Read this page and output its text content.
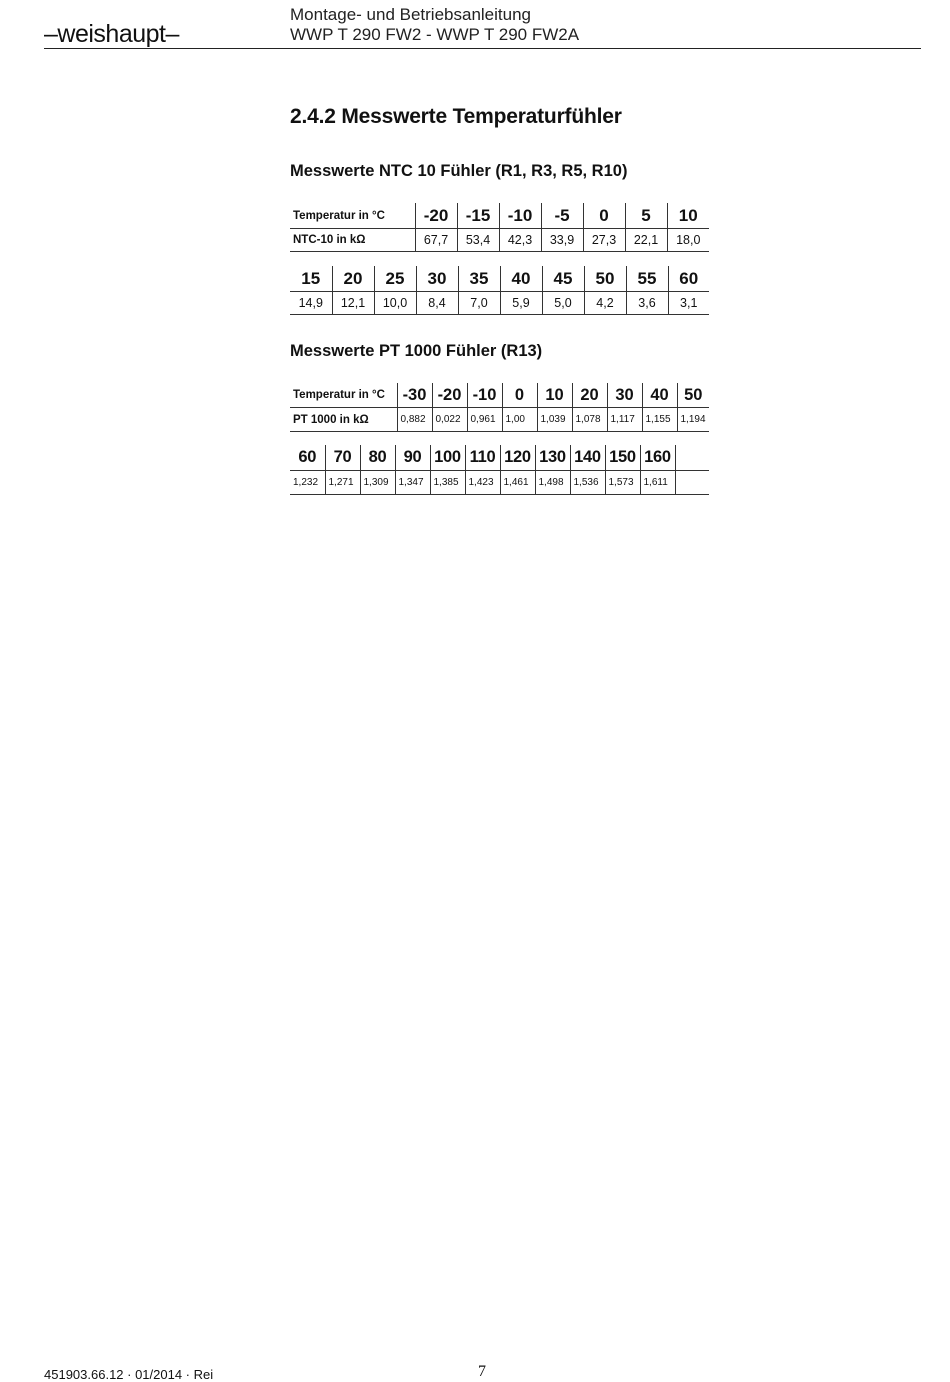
–weishaupt–
Montage- und Betriebsanleitung
WWP T 290 FW2 - WWP T 290 FW2A
2.4.2 Messwerte Temperaturfühler
Messwerte NTC 10 Fühler (R1, R3, R5, R10)
Temperatur in °C	-20	-15	-10	-5	0	5	10
NTC-10 in kΩ	67,7	53,4	42,3	33,9	27,3	22,1	18,0
15	20	25	30	35	40	45	50	55	60
14,9	12,1	10,0	8,4	7,0	5,9	5,0	4,2	3,6	3,1
Messwerte PT 1000 Fühler (R13)
Temperatur in °C	-30	-20	-10	0	10	20	30	40	50
PT 1000 in kΩ	0,882	0,022	0,961	1,00	1,039	1,078	1,117	1,155	1,194
60	70	80	90	100	110	120	130	140	150	160	
1,232	1,271	1,309	1,347	1,385	1,423	1,461	1,498	1,536	1,573	1,611	
451903.66.12 · 01/2014 · Rei	7
